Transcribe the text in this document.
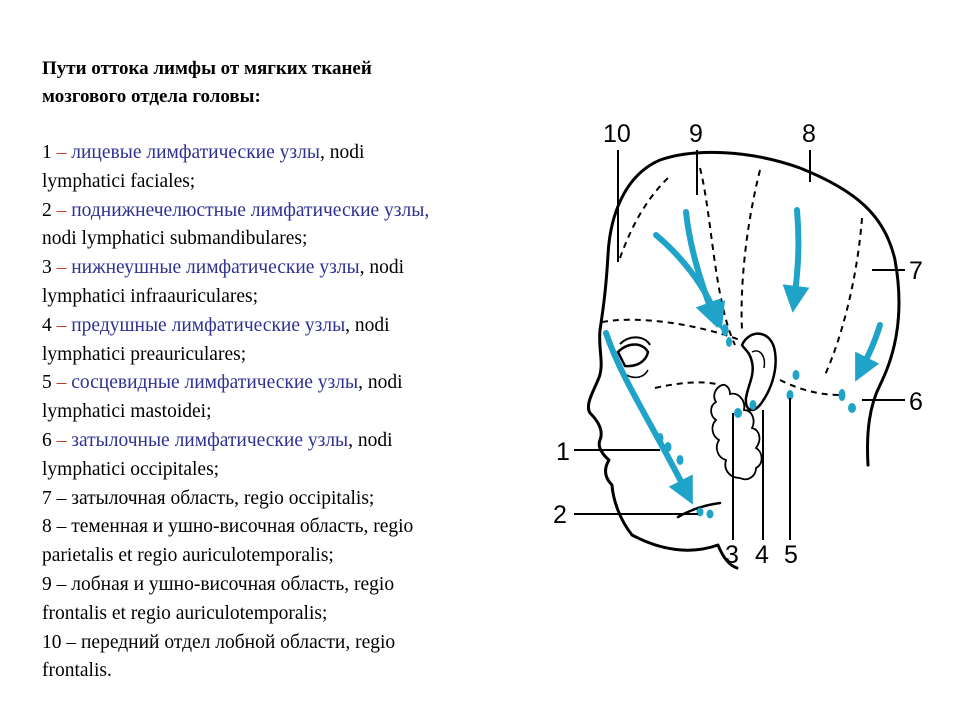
Пути оттока лимфы от мягких тканей
мозгового отдела головы:
1 – лицевые лимфатические узлы, nodi
lymphatici faciales;
2 – поднижнечелюстные лимфатические узлы,
nodi lymphatici submandibulares;
3 – нижнеушные лимфатические узлы, nodi
lymphatici infraauriculares;
4 – предушные лимфатические узлы, nodi
lymphatici preauriculares;
5 – сосцевидные лимфатические узлы, nodi
lymphatici mastoidei;
6 – затылочные лимфатические узлы, nodi
lymphatici occipitales;
7 – затылочная область, regio occipitalis;
8 – теменная и ушно-височная область, regio
parietalis et regio auriculotemporalis;
9 – лобная и ушно-височная область, regio
frontalis et regio auriculotemporalis;
10 – передний отдел лобной области, regio
frontalis.
10 9	8
7
6
1
2
3 4 5
